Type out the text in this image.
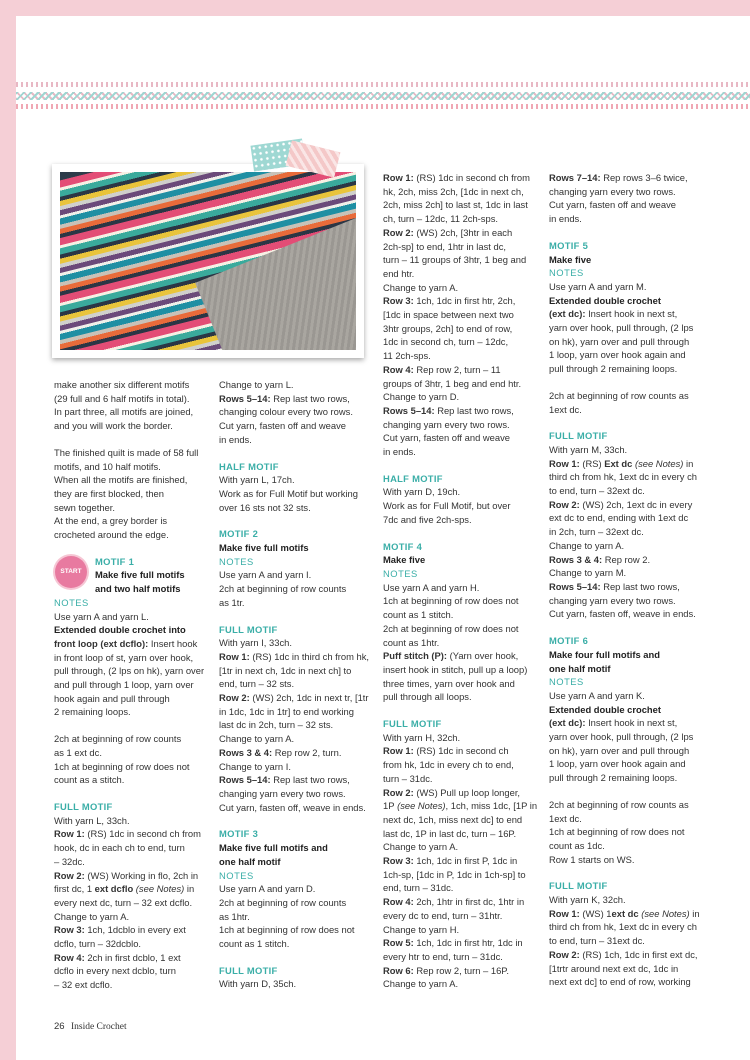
make another six different motifs

(29 full and 6 half motifs in total).

In part three, all motifs are joined,

and you will work the border.

The finished quilt is made of 58 full

motifs, and 10 half motifs.

When all the motifs are finished,

they are first blocked, then

sewn together.

At the end, a grey border is

crocheted around the edge.

START

MOTIF 1

Make five full motifs

and two half motifs

NOTES

Use yarn A and yarn L.

Extended double crochet into

front loop (ext dcflo): Insert hook

in front loop of st, yarn over hook,

pull through, (2 lps on hk), yarn over

and pull through 1 loop, yarn over

hook again and pull through

2 remaining loops.

2ch at beginning of row counts

as 1 ext dc.

1ch at beginning of row does not

count as a stitch.

FULL MOTIF

With yarn L, 33ch.

Row 1: (RS) 1dc in second ch from

hook, dc in each ch to end, turn

– 32dc.

Row 2: (WS) Working in flo, 2ch in

first dc, 1 ext dcflo (see Notes) in

every next dc, turn – 32 ext dcflo.

Change to yarn A.

Row 3: 1ch, 1dcblo in every ext

dcflo, turn – 32dcblo.

Row 4: 2ch in first dcblo, 1 ext

dcflo in every next dcblo, turn

– 32 ext dcflo.

Change to yarn L.

Rows 5–14: Rep last two rows,

changing colour every two rows.

Cut yarn, fasten off and weave

in ends.

HALF MOTIF

With yarn L, 17ch.

Work as for Full Motif but working

over 16 sts not 32 sts.

MOTIF 2

Make five full motifs

NOTES

Use yarn A and yarn I.

2ch at beginning of row counts

as 1tr.

FULL MOTIF

With yarn I, 33ch.

Row 1: (RS) 1dc in third ch from hk,

[1tr in next ch, 1dc in next ch] to

end, turn – 32 sts.

Row 2: (WS) 2ch, 1dc in next tr, [1tr

in 1dc, 1dc in 1tr] to end working

last dc in 2ch, turn – 32 sts.

Change to yarn A.

Rows 3 & 4: Rep row 2, turn.

Change to yarn I.

Rows 5–14: Rep last two rows,

changing yarn every two rows.

Cut yarn, fasten off, weave in ends.

MOTIF 3

Make five full motifs and

one half motif

NOTES

Use yarn A and yarn D.

2ch at beginning of row counts

as 1htr.

1ch at beginning of row does not

count as 1 stitch.

FULL MOTIF

With yarn D, 35ch.

Row 1: (RS) 1dc in second ch from

hk, 2ch, miss 2ch, [1dc in next ch,

2ch, miss 2ch] to last st, 1dc in last

ch, turn – 12dc, 11 2ch-sps.

Row 2: (WS) 2ch, [3htr in each

2ch-sp] to end, 1htr in last dc,

turn – 11 groups of 3htr, 1 beg and

end htr.

Change to yarn A.

Row 3: 1ch, 1dc in first htr, 2ch,

[1dc in space between next two

3htr groups, 2ch] to end of row,

1dc in second ch, turn – 12dc,

11 2ch-sps.

Row 4: Rep row 2, turn – 11

groups of 3htr, 1 beg and end htr.

Change to yarn D.

Rows 5–14: Rep last two rows,

changing yarn every two rows.

Cut yarn, fasten off and weave

in ends.

HALF MOTIF

With yarn D, 19ch.

Work as for Full Motif, but over

7dc and five 2ch-sps.

MOTIF 4

Make five

NOTES

Use yarn A and yarn H.

1ch at beginning of row does not

count as 1 stitch.

2ch at beginning of row does not

count as 1htr.

Puff stitch (P): (Yarn over hook,

insert hook in stitch, pull up a loop)

three times, yarn over hook and

pull through all loops.

FULL MOTIF

With yarn H, 32ch.

Row 1: (RS) 1dc in second ch

from hk, 1dc in every ch to end,

turn – 31dc.

Row 2: (WS) Pull up loop longer,

1P (see Notes), 1ch, miss 1dc, [1P in

next dc, 1ch, miss next dc] to end

last dc, 1P in last dc, turn – 16P.

Change to yarn A.

Row 3: 1ch, 1dc in first P, 1dc in

1ch-sp, [1dc in P, 1dc in 1ch-sp] to

end, turn – 31dc.

Row 4: 2ch, 1htr in first dc, 1htr in

every dc to end, turn – 31htr.

Change to yarn H.

Row 5: 1ch, 1dc in first htr, 1dc in

every htr to end, turn – 31dc.

Row 6: Rep row 2, turn – 16P.

Change to yarn A.

Rows 7–14: Rep rows 3–6 twice,

changing yarn every two rows.

Cut yarn, fasten off and weave

in ends.

MOTIF 5

Make five

NOTES

Use yarn A and yarn M.

Extended double crochet

(ext dc): Insert hook in next st,

yarn over hook, pull through, (2 lps

on hk), yarn over and pull through

1 loop, yarn over hook again and

pull through 2 remaining loops.

2ch at beginning of row counts as

1ext dc.

FULL MOTIF

With yarn M, 33ch.

Row 1: (RS) Ext dc (see Notes) in

third ch from hk, 1ext dc in every ch

to end, turn – 32ext dc.

Row 2: (WS) 2ch, 1ext dc in every

ext dc to end, ending with 1ext dc

in 2ch, turn – 32ext dc.

Change to yarn A.

Rows 3 & 4: Rep row 2.

Change to yarn M.

Rows 5–14: Rep last two rows,

changing yarn every two rows.

Cut yarn, fasten off, weave in ends.

MOTIF 6

Make four full motifs and

one half motif

NOTES

Use yarn A and yarn K.

Extended double crochet

(ext dc): Insert hook in next st,

yarn over hook, pull through, (2 lps

on hk), yarn over and pull through

1 loop, yarn over hook again and

pull through 2 remaining loops.

2ch at beginning of row counts as

1ext dc.

1ch at beginning of row does not

count as 1dc.

Row 1 starts on WS.

FULL MOTIF

With yarn K, 32ch.

Row 1: (WS) 1ext dc (see Notes) in

third ch from hk, 1ext dc in every ch

to end, turn – 31ext dc.

Row 2: (RS) 1ch, 1dc in first ext dc,

[1trtr around next ext dc, 1dc in

next ext dc] to end of row, working

26 Inside Crochet
